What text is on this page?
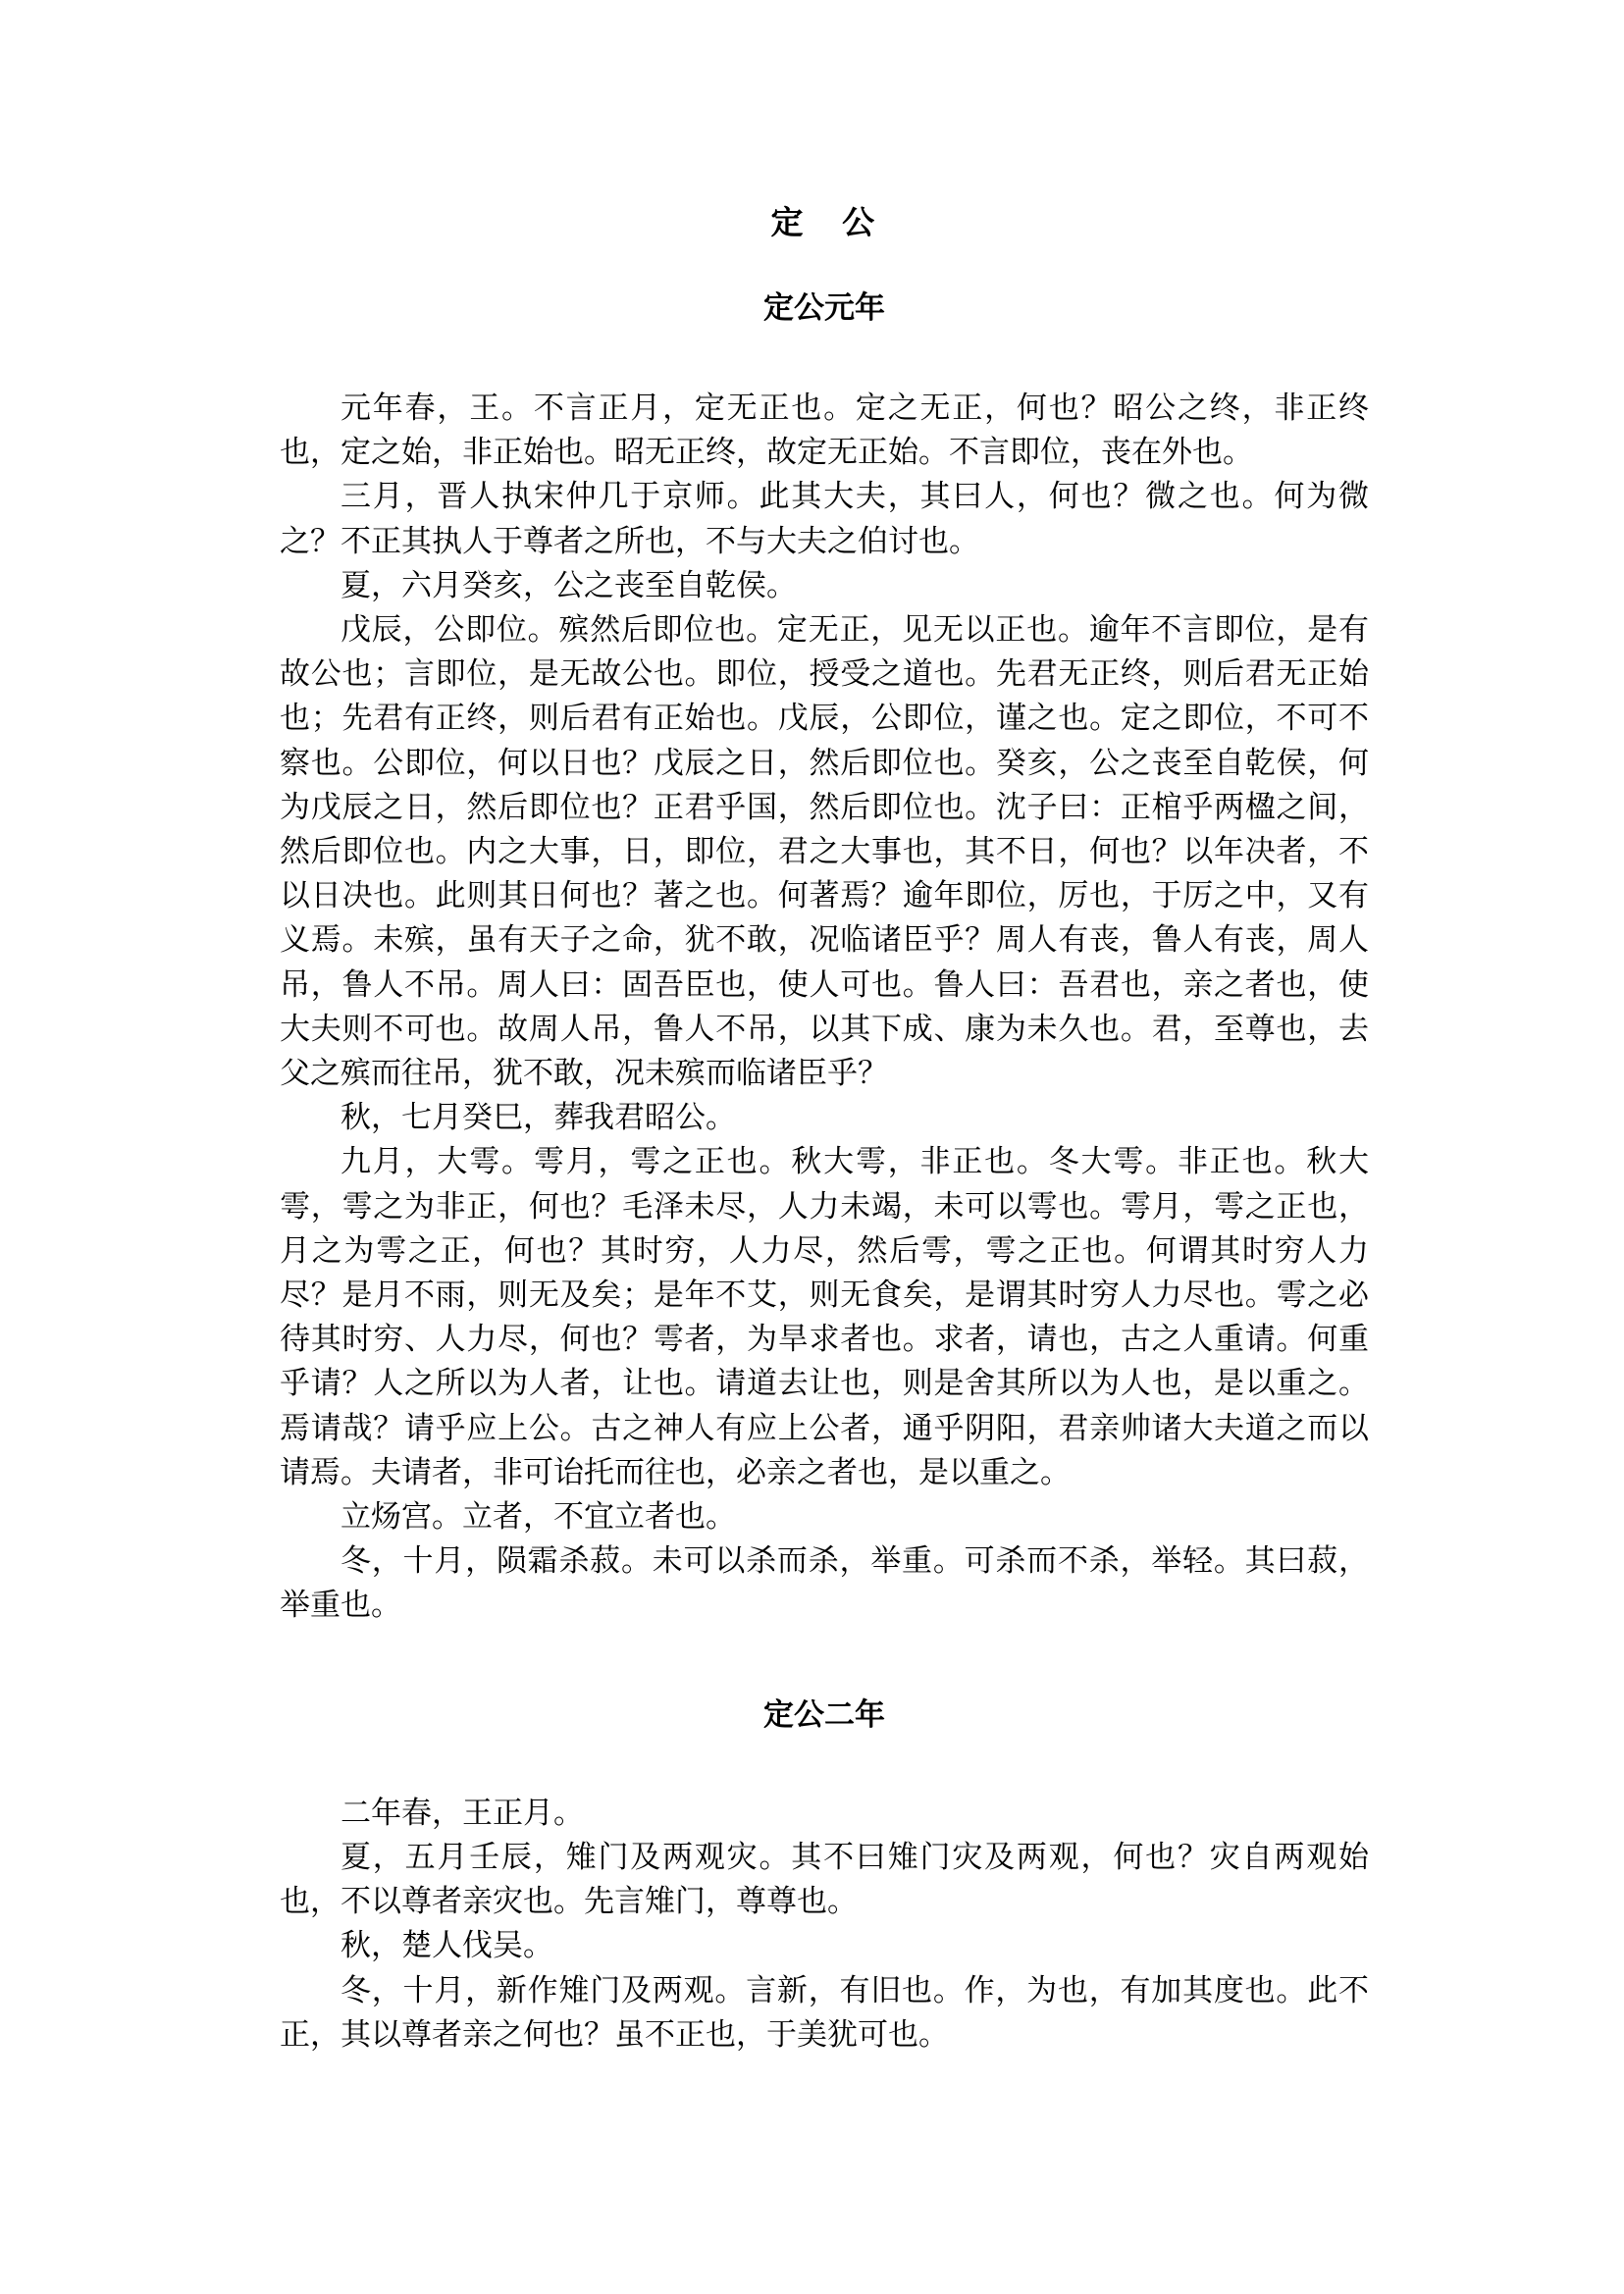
定　公
定公元年

元年春，王。不言正月，定无正也。定之无正，何也？昭公之终，非正终也，定之始，非正始也。昭无正终，故定无正始。不言即位，丧在外也。

三月，晋人执宋仲几于京师。此其大夫，其曰人，何也？微之也。何为微之？不正其执人于尊者之所也，不与大夫之伯讨也。

夏，六月癸亥，公之丧至自乾侯。

戊辰，公即位。殡然后即位也。定无正，见无以正也。逾年不言即位，是有故公也；言即位，是无故公也。即位，授受之道也。先君无正终，则后君无正始也；先君有正终，则后君有正始也。戊辰，公即位，谨之也。定之即位，不可不察也。公即位，何以日也？戊辰之日，然后即位也。癸亥，公之丧至自乾侯，何为戊辰之日，然后即位也？正君乎国，然后即位也。沈子曰：正棺乎两楹之间，然后即位也。内之大事，日，即位，君之大事也，其不日，何也？以年决者，不以日决也。此则其日何也？著之也。何著焉？逾年即位，厉也，于厉之中，又有义焉。未殡，虽有天子之命，犹不敢，况临诸臣乎？周人有丧，鲁人有丧，周人吊，鲁人不吊。周人曰：固吾臣也，使人可也。鲁人曰：吾君也，亲之者也，使大夫则不可也。故周人吊，鲁人不吊，以其下成、康为未久也。君，至尊也，去父之殡而往吊，犹不敢，况未殡而临诸臣乎？

秋，七月癸巳，葬我君昭公。

九月，大雩。雩月，雩之正也。秋大雩，非正也。冬大雩。非正也。秋大雩，雩之为非正，何也？毛泽未尽，人力未竭，未可以雩也。雩月，雩之正也，月之为雩之正，何也？其时穷，人力尽，然后雩，雩之正也。何谓其时穷人力尽？是月不雨，则无及矣；是年不艾，则无食矣，是谓其时穷人力尽也。雩之必待其时穷、人力尽，何也？雩者，为旱求者也。求者，请也，古之人重请。何重乎请？人之所以为人者，让也。请道去让也，则是舍其所以为人也，是以重之。焉请哉？请乎应上公。古之神人有应上公者，通乎阴阳，君亲帅诸大夫道之而以请焉。夫请者，非可诒托而往也，必亲之者也，是以重之。

立炀宫。立者，不宜立者也。

冬，十月，陨霜杀菽。未可以杀而杀，举重。可杀而不杀，举轻。其曰菽，举重也。

定公二年

二年春，王正月。

夏，五月壬辰，雉门及两观灾。其不曰雉门灾及两观，何也？灾自两观始也，不以尊者亲灾也。先言雉门，尊尊也。

秋，楚人伐吴。

冬，十月，新作雉门及两观。言新，有旧也。作，为也，有加其度也。此不正，其以尊者亲之何也？虽不正也，于美犹可也。
